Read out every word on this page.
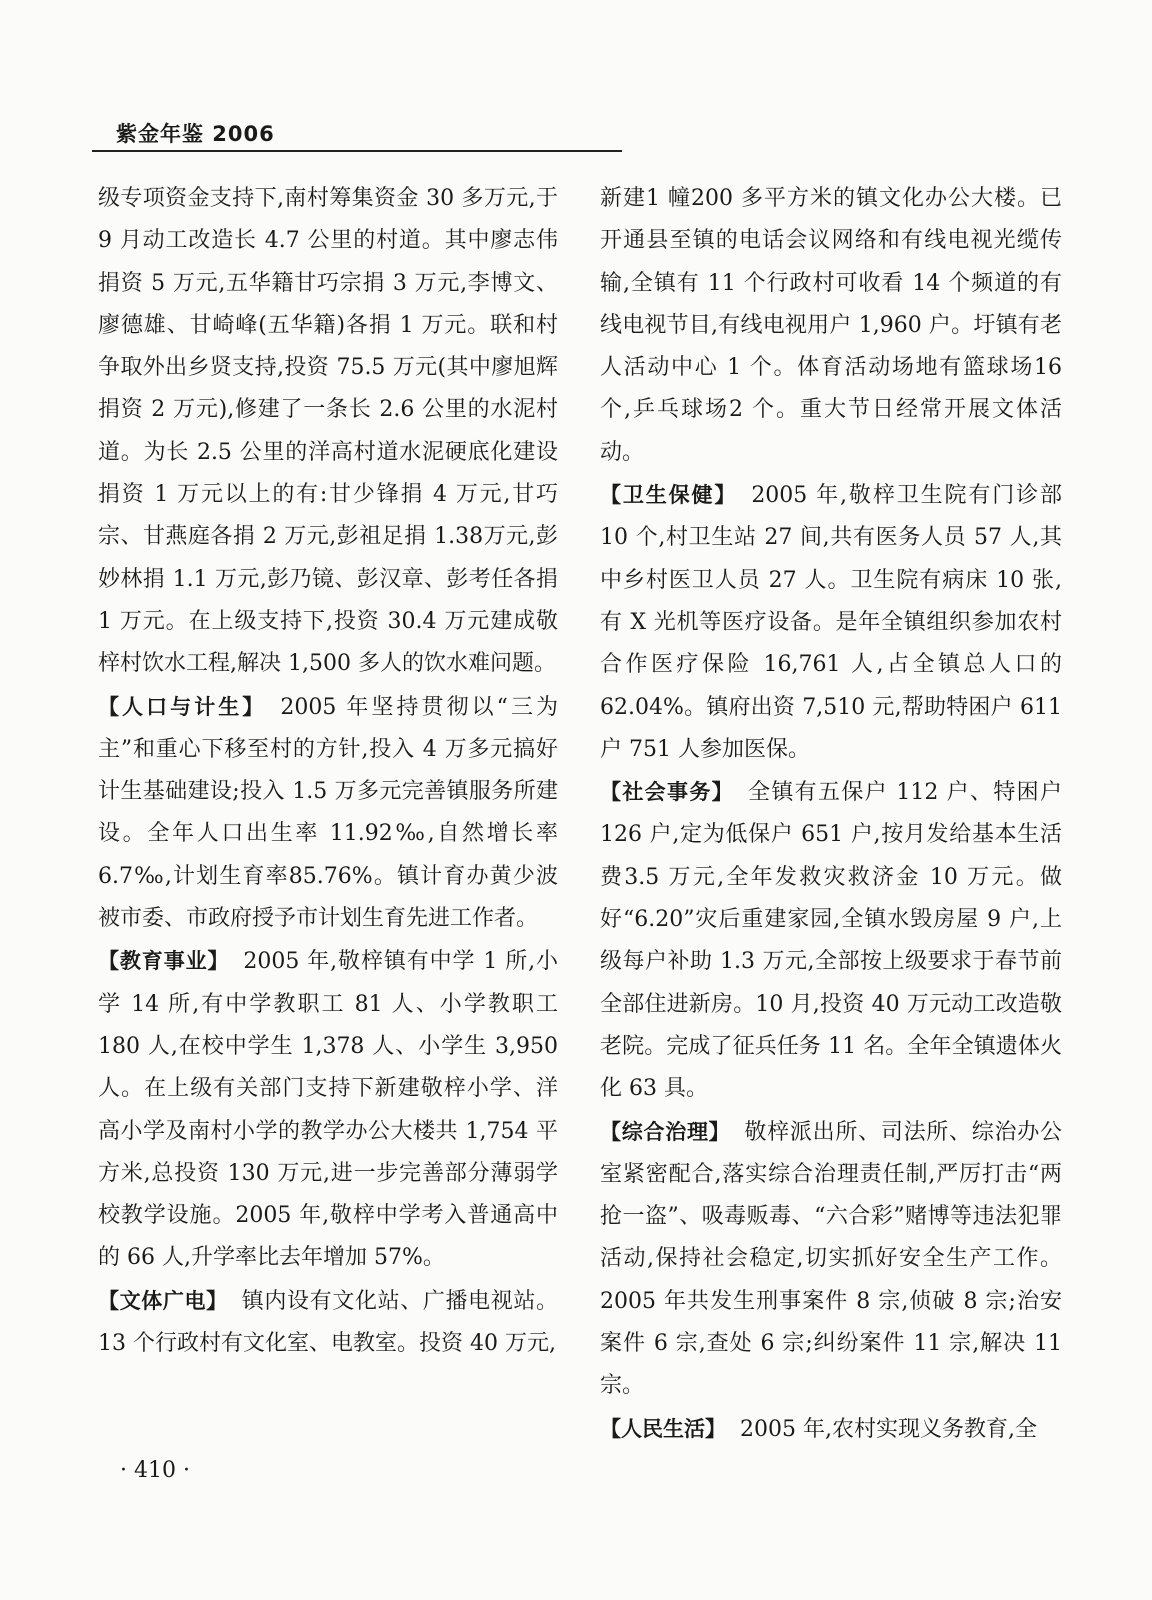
紫金年鉴 2006

级专项资金支持下,南村筹集资金 30 多万元,于9 月动工改造长 4.7 公里的村道。其中廖志伟捐资 5 万元,五华籍甘巧宗捐 3 万元,李博文、廖德雄、甘崎峰(五华籍)各捐 1 万元。联和村争取外出乡贤支持,投资 75.5 万元(其中廖旭辉捐资 2 万元),修建了一条长 2.6 公里的水泥村道。为长 2.5 公里的洋高村道水泥硬底化建设捐资 1 万元以上的有:甘少锋捐 4 万元,甘巧宗、甘燕庭各捐 2 万元,彭祖足捐 1.38万元,彭妙林捐 1.1 万元,彭乃镜、彭汉章、彭考任各捐 1 万元。在上级支持下,投资 30.4 万元建成敬梓村饮水工程,解决 1,500 多人的饮水难问题。

【人口与计生】 2005 年坚持贯彻以“三为主”和重心下移至村的方针,投入 4 万多元搞好计生基础建设;投入 1.5 万多元完善镇服务所建设。全年人口出生率 11.92‰,自然增长率6.7‰,计划生育率85.76%。镇计育办黄少波被市委、市政府授予市计划生育先进工作者。

【教育事业】 2005 年,敬梓镇有中学 1 所,小学 14 所,有中学教职工 81 人、小学教职工 180 人,在校中学生 1,378 人、小学生 3,950 人。在上级有关部门支持下新建敬梓小学、洋高小学及南村小学的教学办公大楼共 1,754 平方米,总投资 130 万元,进一步完善部分薄弱学校教学设施。2005 年,敬梓中学考入普通高中的 66 人,升学率比去年增加 57%。

【文体广电】 镇内设有文化站、广播电视站。13 个行政村有文化室、电教室。投资 40 万元,

新建1 幢200 多平方米的镇文化办公大楼。已开通县至镇的电话会议网络和有线电视光缆传输,全镇有 11 个行政村可收看 14 个频道的有线电视节目,有线电视用户 1,960 户。圩镇有老人活动中心 1 个。体育活动场地有篮球场16 个,乒乓球场2 个。重大节日经常开展文体活动。

【卫生保健】 2005 年,敬梓卫生院有门诊部 10 个,村卫生站 27 间,共有医务人员 57 人,其中乡村医卫人员 27 人。卫生院有病床 10 张,有 X 光机等医疗设备。是年全镇组织参加农村合作医疗保险 16,761 人,占全镇总人口的 62.04%。镇府出资 7,510 元,帮助特困户 611 户 751 人参加医保。

【社会事务】 全镇有五保户 112 户、特困户 126 户,定为低保户 651 户,按月发给基本生活费3.5 万元,全年发救灾救济金 10 万元。做好“6.20”灾后重建家园,全镇水毁房屋 9 户,上级每户补助 1.3 万元,全部按上级要求于春节前全部住进新房。10 月,投资 40 万元动工改造敬老院。完成了征兵任务 11 名。全年全镇遗体火化 63 具。

【综合治理】 敬梓派出所、司法所、综治办公室紧密配合,落实综合治理责任制,严厉打击“两抢一盗”、吸毒贩毒、“六合彩”赌博等违法犯罪活动,保持社会稳定,切实抓好安全生产工作。2005 年共发生刑事案件 8 宗,侦破 8 宗;治安案件 6 宗,查处 6 宗;纠纷案件 11 宗,解决 11 宗。

【人民生活】 2005 年,农村实现义务教育,全

· 410 ·
